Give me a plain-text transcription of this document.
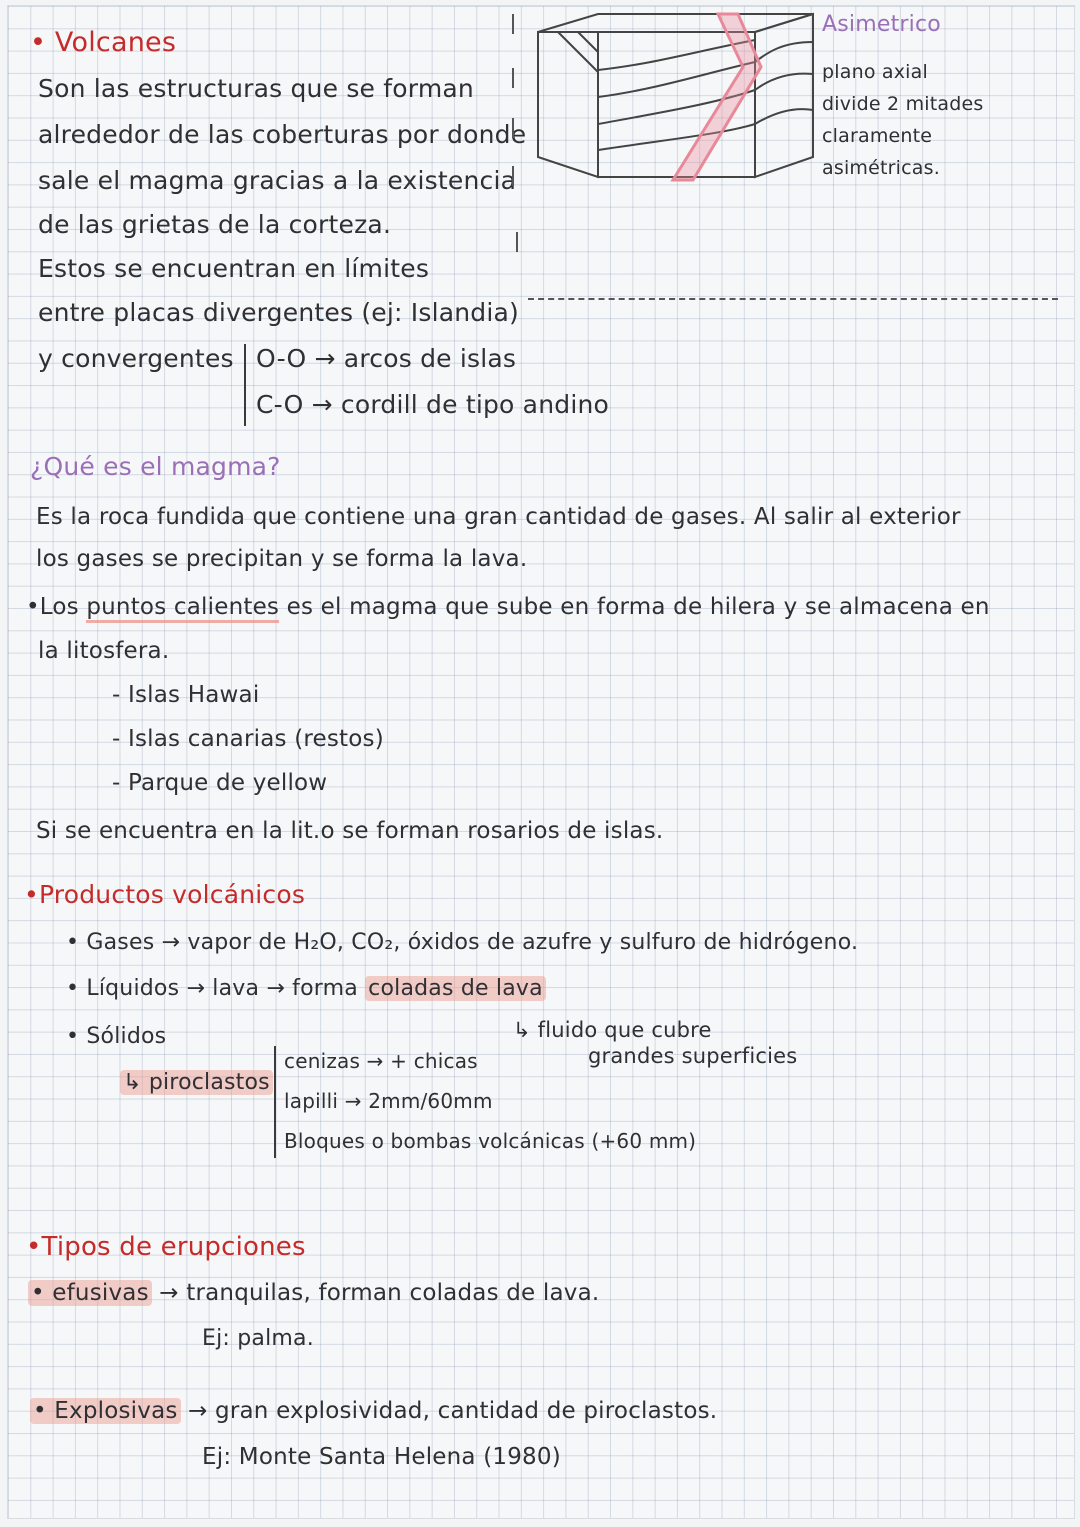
• Volcanes
Son las estructuras que se forman
alrededor de las coberturas por donde
sale el magma gracias a la existencia
de las grietas de la corteza.
Estos se encuentran en límites
entre placas divergentes (ej: Islandia)
y convergentes O-O → arcos de islas
C-O → cordill de tipo andino
Asimetrico
plano axial
divide 2 mitades
claramente
asimétricas.
¿Qué es el magma?
Es la roca fundida que contiene una gran cantidad de gases. Al salir al exterior
los gases se precipitan y se forma la lava.
•Los puntos calientes es el magma que sube en forma de hilera y se almacena en
la litosfera.
- Islas Hawai
- Islas canarias (restos)
- Parque de yellow
Si se encuentra en la lit.o se forman rosarios de islas.
•Productos volcánicos
• Gases → vapor de H₂O, CO₂, óxidos de azufre y sulfuro de hidrógeno.
• Líquidos → lava → forma coladas de lava
↳ fluido que cubre
grandes superficies
• Sólidos
↳ piroclastos
cenizas → + chicas
lapilli → 2mm/60mm
Bloques o bombas volcánicas (+60 mm)
•Tipos de erupciones
• efusivas → tranquilas, forman coladas de lava.
Ej: palma.
• Explosivas → gran explosividad, cantidad de piroclastos.
Ej: Monte Santa Helena (1980)
